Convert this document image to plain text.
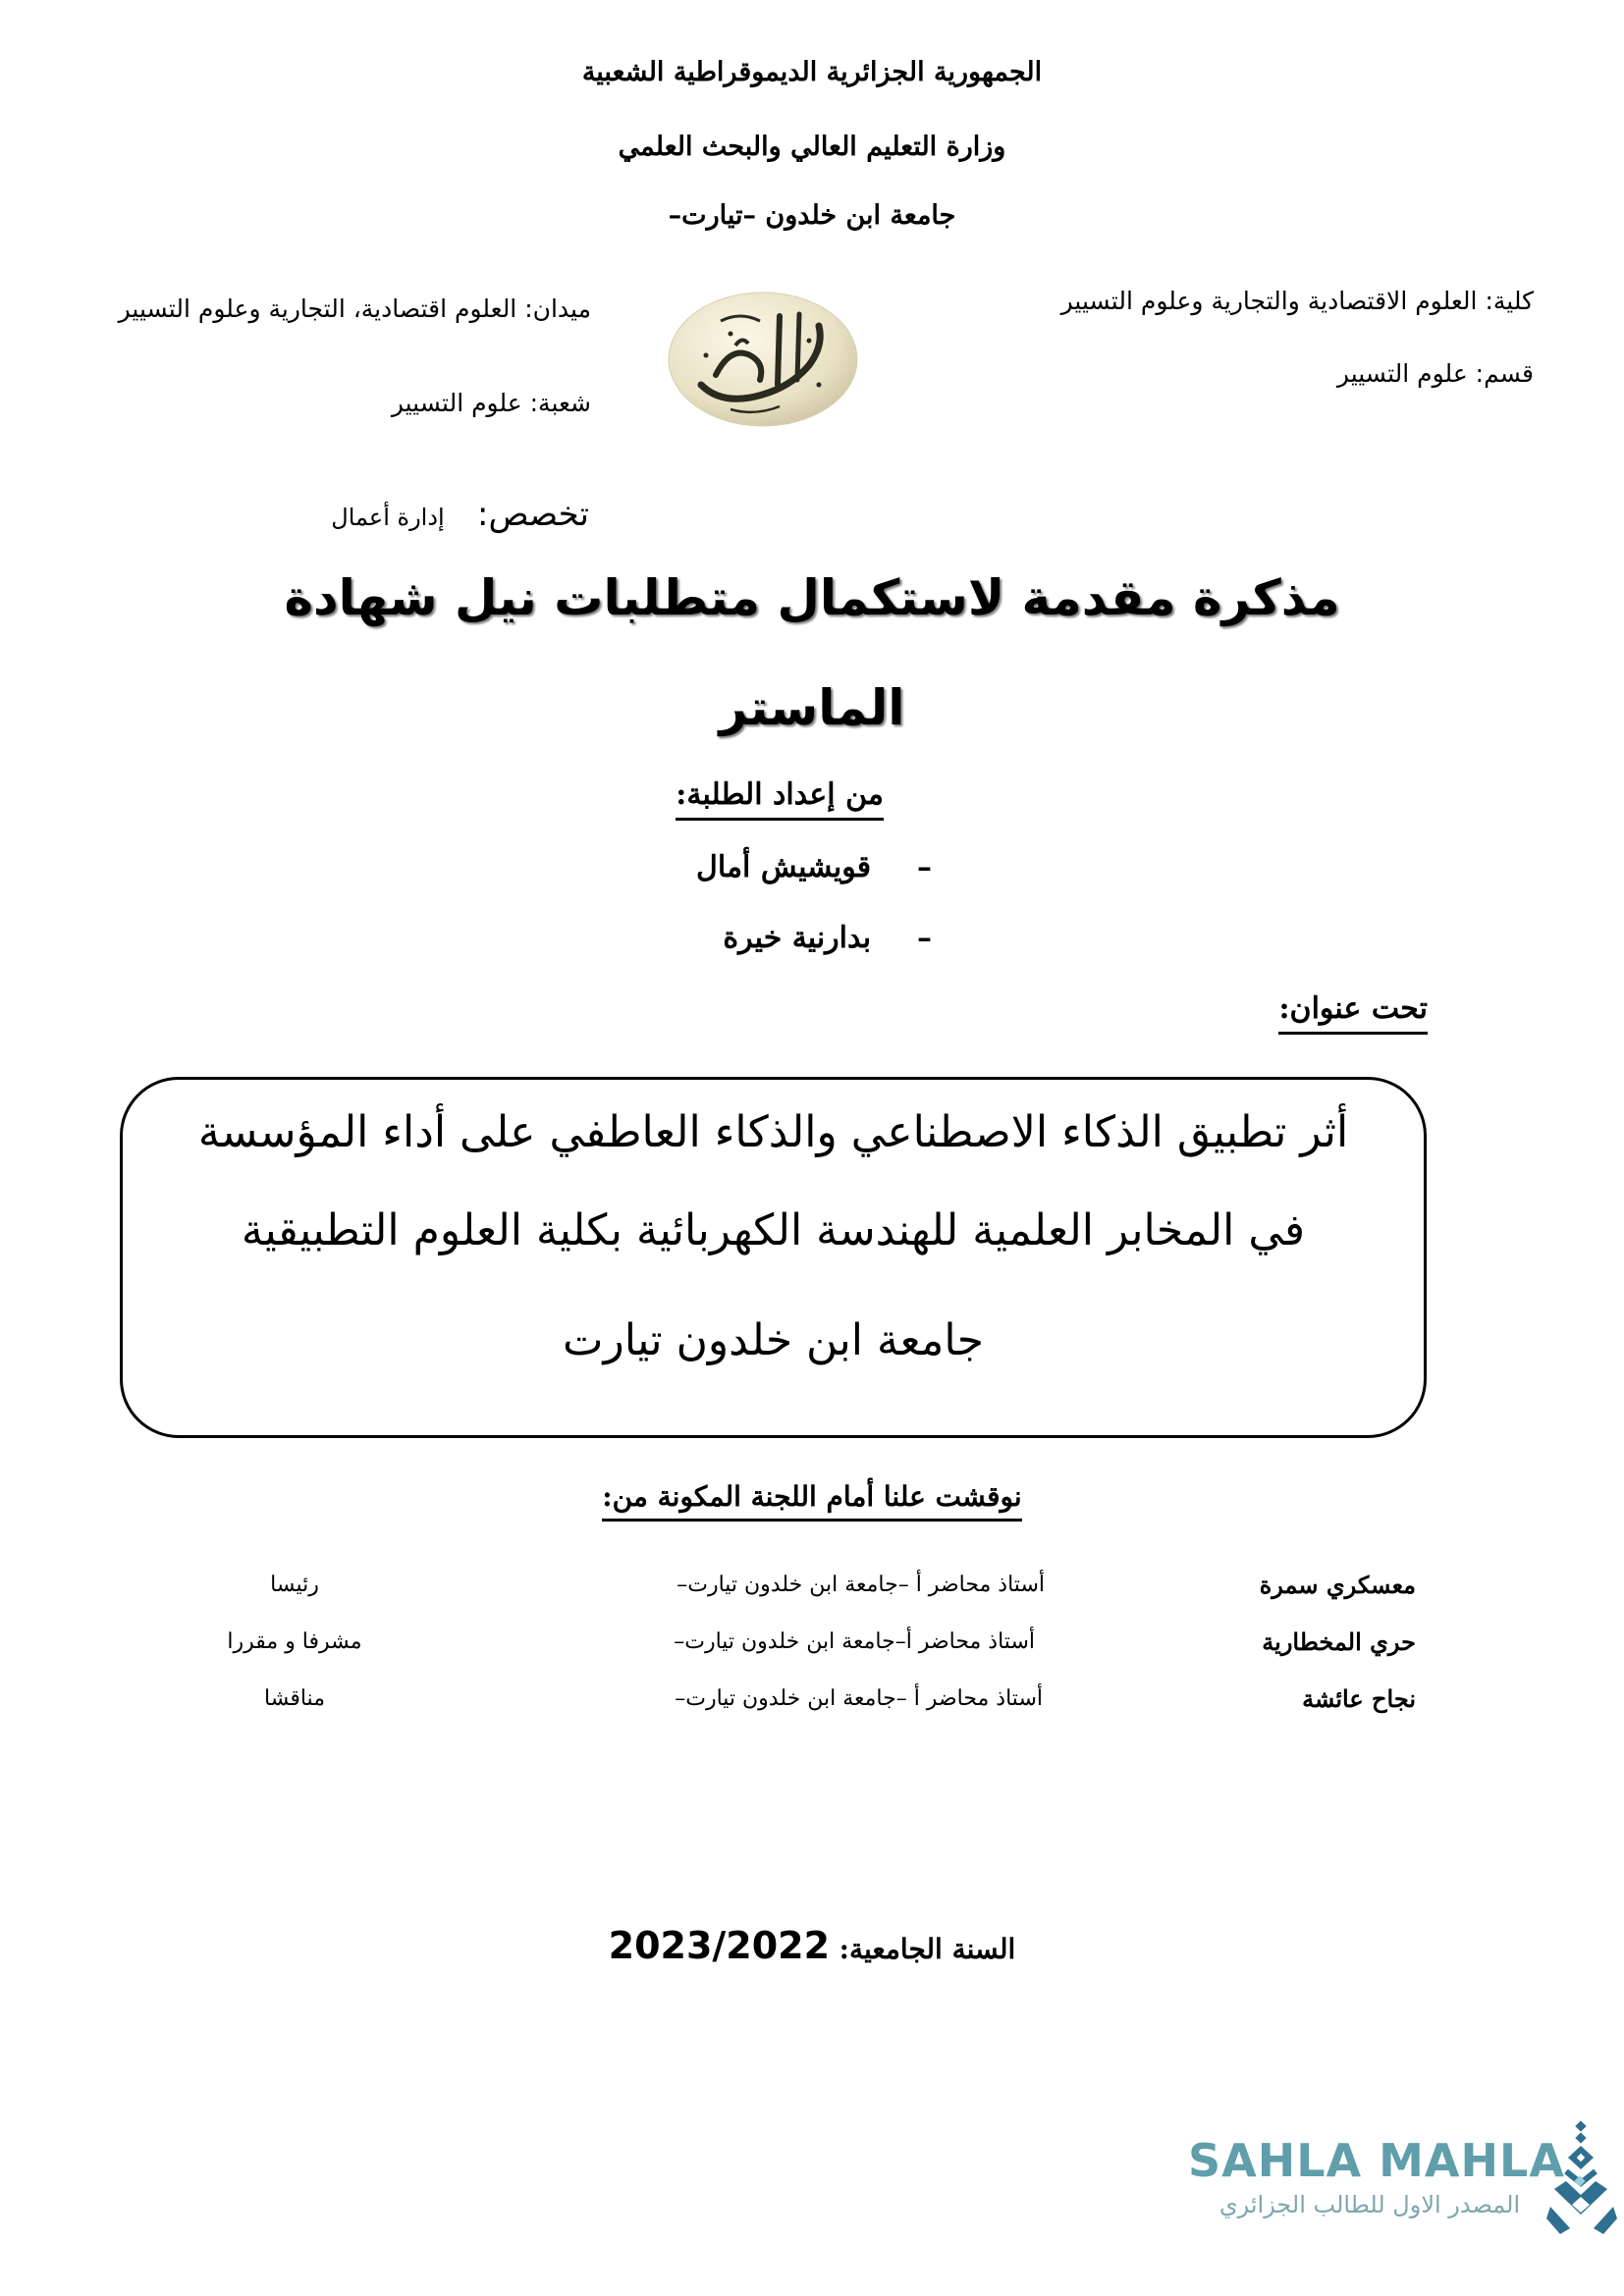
الجمهورية الجزائرية الديموقراطية الشعبية
وزارة التعليم العالي والبحث العلمي
جامعة ابن خلدون –تيارت–
كلية: العلوم الاقتصادية والتجارية وعلوم التسيير
قسم: علوم التسيير
ميدان: العلوم اقتصادية، التجارية وعلوم التسيير
شعبة: علوم التسيير
تخصص:  إدارة أعمال
مذكرة مقدمة لاستكمال متطلبات نيل شهادة
الماستر
من إعداد الطلبة:
–  قويشيش أمال
–  بدارنية خيرة
تحت عنوان:
أثر تطبيق الذكاء الاصطناعي والذكاء العاطفي على أداء المؤسسة
في المخابر العلمية للهندسة الكهربائية بكلية العلوم التطبيقية
جامعة ابن خلدون تيارت
نوقشت علنا أمام اللجنة المكونة من:
معسكري سمرة
أستاذ محاضر أ –جامعة ابن خلدون تيارت–
رئيسا
حري المخطارية
أستاذ محاضر أ–جامعة ابن خلدون تيارت–
مشرفا و مقررا
نجاح عائشة
أستاذ محاضر أ –جامعة ابن خلدون تيارت–
مناقشا
السنة الجامعية: 2023/2022
SAHLA MAHLA
المصدر الاول للطالب الجزائري
